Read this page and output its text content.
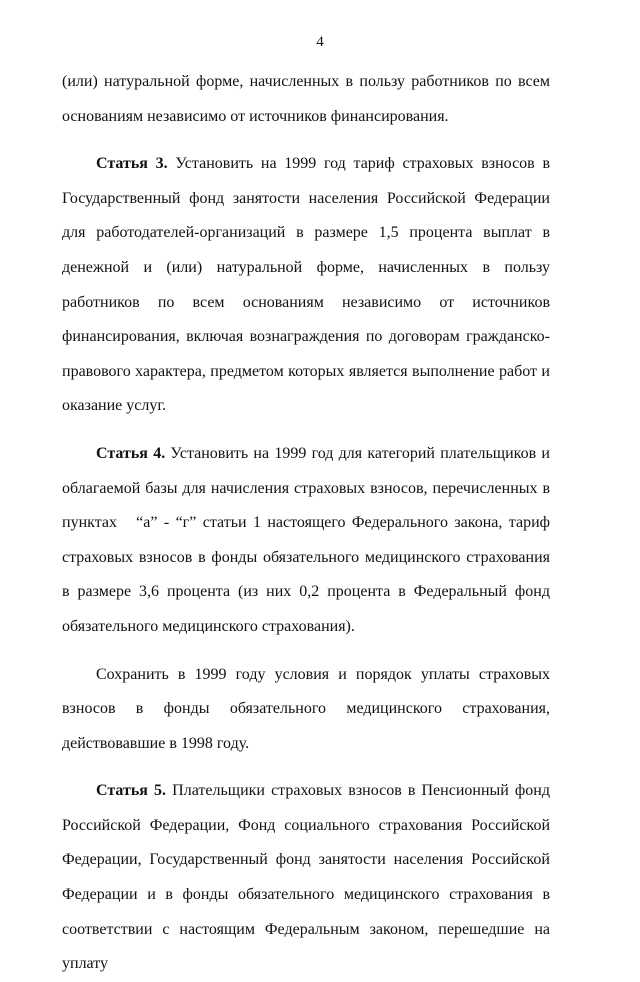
4

(или) натуральной форме, начисленных в пользу работников по всем основаниям независимо от источников финансирования.

Статья 3. Установить на 1999 год тариф страховых взносов в Государственный фонд занятости населения Российской Федерации для работодателей-организаций в размере 1,5 процента выплат в денежной и (или) натуральной форме, начисленных в пользу работников по всем основаниям независимо от источников финансирования, включая вознаграждения по договорам гражданско-правового характера, предметом которых является выполнение работ и оказание услуг.

Статья 4. Установить на 1999 год для категорий плательщиков и облагаемой базы для начисления страховых взносов, перечисленных в пунктах   “а” - “г” статьи 1 настоящего Федерального закона, тариф страховых взносов в фонды обязательного медицинского страхования в размере 3,6 процента (из них 0,2 процента в Федеральный фонд обязательного медицинского страхования).

Сохранить в 1999 году условия и порядок уплаты страховых взносов в фонды обязательного медицинского страхования, действовавшие в 1998 году.

Статья 5. Плательщики страховых взносов в Пенсионный фонд Российской Федерации, Фонд социального страхования Российской Федерации, Государственный фонд занятости населения Российской Федерации и в фонды обязательного медицинского страхования в соответствии с настоящим Федеральным законом, перешедшие на уплату
